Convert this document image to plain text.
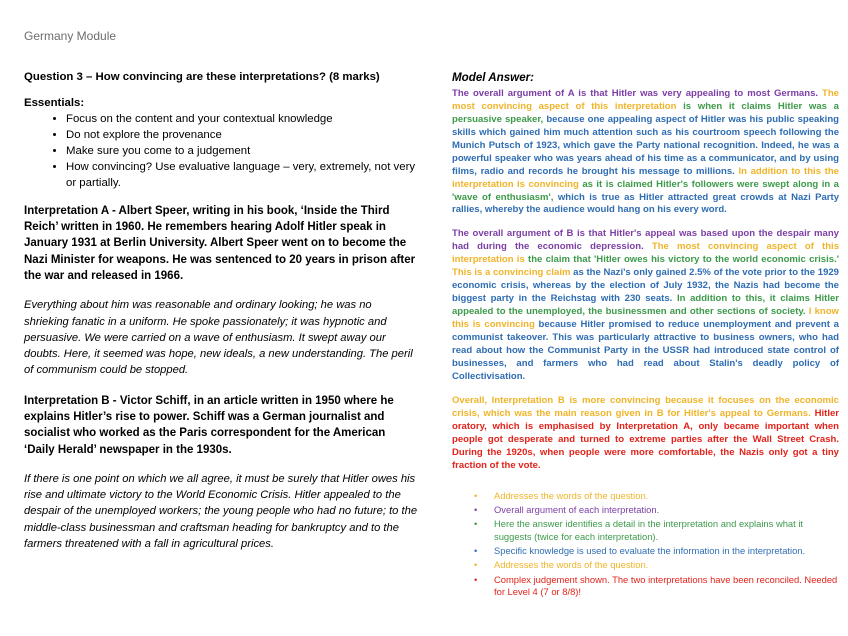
Germany Module

Question 3 – How convincing are these interpretations? (8 marks)

Essentials:

• Focus on the content and your contextual knowledge
• Do not explore the provenance
• Make sure you come to a judgement
• How convincing? Use evaluative language – very, extremely, not very or partially.

Interpretation A - Albert Speer, writing in his book, ‘Inside the Third Reich’ written in 1960. He remembers hearing Adolf Hitler speak in January 1931 at Berlin University. Albert Speer went on to become the Nazi Minister for weapons. He was sentenced to 20 years in prison after the war and released in 1966.

Everything about him was reasonable and ordinary looking; he was no shrieking fanatic in a uniform. He spoke passionately; it was hypnotic and persuasive. We were carried on a wave of enthusiasm. It swept away our doubts. Here, it seemed was hope, new ideals, a new understanding. The peril of communism could be stopped.

Interpretation B - Victor Schiff, in an article written in 1950 where he explains Hitler’s rise to power. Schiff was a German journalist and socialist who worked as the Paris correspondent for the American ‘Daily Herald’ newspaper in the 1930s.

If there is one point on which we all agree, it must be surely that Hitler owes his rise and ultimate victory to the World Economic Crisis. Hitler appealed to the despair of the unemployed workers; the young people who had no future; to the middle-class businessman and craftsman heading for bankruptcy and to the farmers threatened with a fall in agricultural prices.

Model Answer:

The overall argument of A is that Hitler was very appealing to most Germans. The most convincing aspect of this interpretation is when it claims Hitler was a persuasive speaker, because one appealing aspect of Hitler was his public speaking skills which gained him much attention such as his courtroom speech following the Munich Putsch of 1923, which gave the Party national recognition. Indeed, he was a powerful speaker who was years ahead of his time as a communicator, and by using films, radio and records he brought his message to millions. In addition to this the interpretation is convincing as it is claimed Hitler's followers were swept along in a 'wave of enthusiasm', which is true as Hitler attracted great crowds at Nazi Party rallies, whereby the audience would hang on his every word.

The overall argument of B is that Hitler's appeal was based upon the despair many had during the economic depression. The most convincing aspect of this interpretation is the claim that 'Hitler owes his victory to the world economic crisis.' This is a convincing claim as the Nazi's only gained 2.5% of the vote prior to the 1929 economic crisis, whereas by the election of July 1932, the Nazis had become the biggest party in the Reichstag with 230 seats. In addition to this, it claims Hitler appealed to the unemployed, the businessmen and other sections of society. I know this is convincing because Hitler promised to reduce unemployment and prevent a communist takeover. This was particularly attractive to business owners, who had read about how the Communist Party in the USSR had introduced state control of businesses, and farmers who had read about Stalin's deadly policy of Collectivisation.

Overall, Interpretation B is more convincing because it focuses on the economic crisis, which was the main reason given in B for Hitler's appeal to Germans. Hitler oratory, which is emphasised by Interpretation A, only became important when people got desperate and turned to extreme parties after the Wall Street Crash. During the 1920s, when people were more comfortable, the Nazis only got a tiny fraction of the vote.

• Addresses the words of the question.
• Overall argument of each interpretation.
• Here the answer identifies a detail in the interpretation and explains what it suggests (twice for each interpretation).
• Specific knowledge is used to evaluate the information in the interpretation.
• Addresses the words of the question.
• Complex judgement shown. The two interpretations have been reconciled. Needed for Level 4 (7 or 8/8)!
